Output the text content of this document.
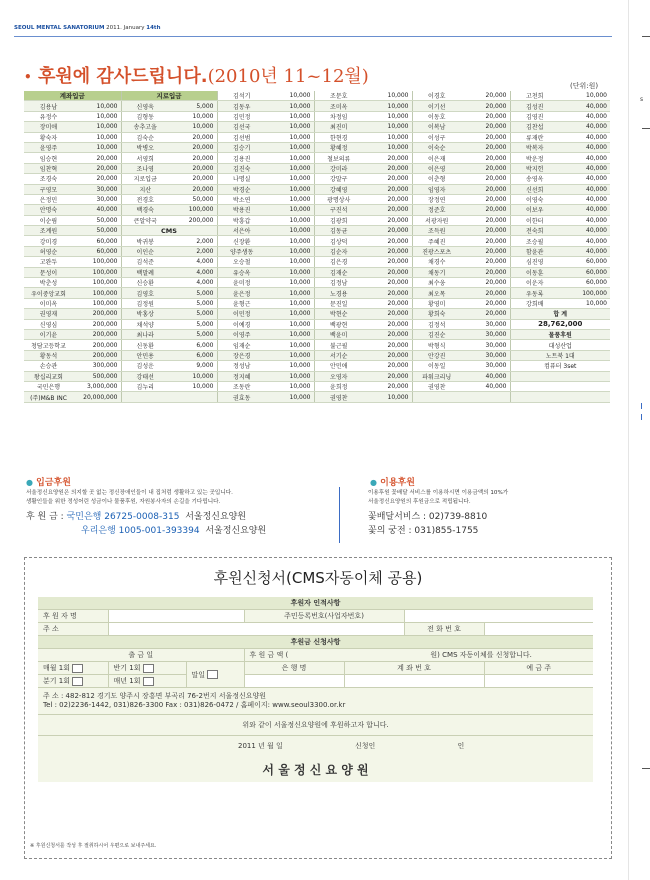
SEOUL MENTAL SANATORIUM 2011. January 14th
s
• 후원에 감사드립니다.(2010년 11~12월)	(단위:원)
계좌입금		지로입금		김석기	10,000	조문호	10,000	이경호	20,000	고천희	10,000
김용남	10,000	신영욱	5,000	김동우	10,000	조미옥	10,000	이기선	20,000	김성진	40,000
유정수	10,000	김형동	10,000	김민정	10,000	차정임	10,000	이동호	20,000	김영진	40,000
장미애	10,000	송추고을	10,000	김선국	10,000	최진미	10,000	이복남	20,000	김찬섭	40,000
황숙자	10,000	김숙순	20,000	김선범	10,000	한현경	10,000	이성구	20,000	류재란	40,000
윤영주	10,000	박병오	20,000	김승기	10,000	황혜정	10,000	이숙순	20,000	박복자	40,000
임승현	20,000	서영희	20,000	김용진	10,000	철보의류	20,000	이은재	20,000	박운정	40,000
임찬혁	20,000	조나영	20,000	김진숙	10,000	강미라	20,000	이은영	20,000	박지헌	40,000
조경숙	20,000	지로입금	20,000	나명실	10,000	강말구	20,000	이춘형	20,000	송영옥	40,000
구영모	30,000	지산	20,000	박경순	10,000	강혜영	20,000	임영자	20,000	신선희	40,000
은정민	30,000	전경호	50,000	박소연	10,000	광명상사	20,000	장정연	20,000	이영숙	40,000
안명숙	40,000	백경숙	100,000	박용진	10,000	구진석	20,000	정준호	20,000	이보우	40,000
이순림	50,000	큰알약국	200,000	박흥갑	10,000	김광희	20,000	서광자원	20,000	이한터	40,000
조계원	50,000	CMS		서은아	10,000	김동균	20,000	조득원	20,000	전숙희	40,000
강미경	60,000	박귀봉	2,000	신장환	10,000	김상덕	20,000	주혜진	20,000	조승필	40,000
허영순	60,000	이인순	2,000	양주생동	10,000	김순자	20,000	진광스포츠	20,000	함윤관	40,000
고완두	100,000	김석준	4,000	오승철	10,000	김은경	20,000	채경수	20,000	심진영	60,000
문성이	100,000	백말례	4,000	유승옥	10,000	김재순	20,000	채동기	20,000	이동훈	60,000
박춘성	100,000	신승환	4,000	윤미정	10,000	김정남	20,000	최수웅	20,000	이운자	60,000
우이중앙교회	100,000	김영호	5,000	윤은정	10,000	노경용	20,000	최오목	20,000	우동록	100,000
이미옥	100,000	김정원	5,000	윤형근	10,000	문진일	20,000	황영미	20,000	강희배	10,000
권영재	200,000	박홍상	5,000	이민정	10,000	박현순	20,000	황희숙	20,000	합 계	
신영심	200,000	채석양	5,000	이예경	10,000	백광현	20,000	김정석	30,000	28,762,000	
이기윤	200,000	최나라	5,000	이영주	10,000	백윤미	20,000	김진순	30,000	물품후원	
청담고등학교	200,000	신동환	6,000	임재순	10,000	불근필	20,000	박형식	30,000	대성산업	
황동석	200,000	안민용	6,000	장은경	10,000	서기순	20,000	안강진	30,000	노트북 1대	
손승관	300,000	김성운	9,000	정성남	10,000	안민애	20,000	이동일	30,000	컴퓨터 3set	
왕십리교회	500,000	강태선	10,000	정지혜	10,000	오영자	20,000	파워크리닝	40,000		
국민은행	3,000,000	김누리	10,000	조동란	10,000	윤희정	20,000	권영찬	40,000		
(주)M&B INC	20,000,000			권효동	10,000	권영찬	10,000				
● 입금후원
서울정신요양원은 의지할 곳 없는 정신장애인들이 내 집처럼 생활하고 있는 곳입니다.
생활인들을 위한 정성어린 성금이나 물품후원, 자원봉사자의 손길을 기다립니다.
후 원 금 : 국민은행 26725-0008-315 서울정신요양원
우리은행 1005-001-393394 서울정신요양원
● 이용후원
이용후원 꽃배달 서비스를 이용하시면 이용금액의 10%가
서울정신요양원의 후원금으로 적립됩니다.
꽃배달서비스 : 02)739-8810
꽃의 궁전 : 031)855-1755
후원신청서(CMS자동이체 공용)
후원자 인적사항						
후 원 자 명			주민등록번호(사업자번호)			
주 소					전 화 번 호	
후원금 신청사항						
출 금 일			후 원 금 액 ( 원) CMS 자동이체를 신청합니다.			
매월 1회	반기 1회	말일	은 행 명	계 좌 번 호		예 금 주
분기 1회	매년 1회					
주 소 : 482-812 경기도 양주시 장흥면 부곡리 76-2번지 서울정신요양원
Tel : 02)2236-1442, 031)826-3300 Fax : 031)826-0472 / 홈페이지: www.seoul3300.or.kr						
위와 같이 서울정신요양원에 후원하고자 합니다.						
2011 년 월 일 신청인 인						
서 울 정 신 요 양 원						
※ 후원신청서를 작성 후 절취하시어 우편으로 보내주세요.
